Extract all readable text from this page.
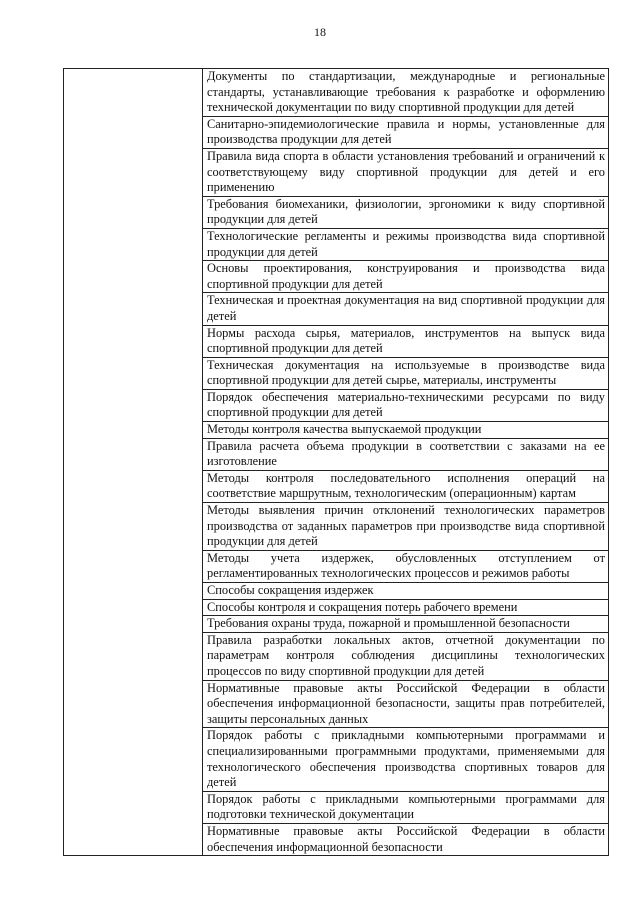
18

Документы по стандартизации, международные и региональные стандарты, устанавливающие требования к разработке и оформлению технической документации по виду спортивной продукции для детей

Санитарно-эпидемиологические правила и нормы, установленные для производства продукции для детей

Правила вида спорта в области установления требований и ограничений к соответствующему виду спортивной продукции для детей и его применению

Требования биомеханики, физиологии, эргономики к виду спортивной продукции для детей

Технологические регламенты и режимы производства вида спортивной продукции для детей

Основы проектирования, конструирования и производства вида спортивной продукции для детей

Техническая и проектная документация на вид спортивной продукции для детей

Нормы расхода сырья, материалов, инструментов на выпуск вида спортивной продукции для детей

Техническая документация на используемые в производстве вида спортивной продукции для детей сырье, материалы, инструменты

Порядок обеспечения материально-техническими ресурсами по виду спортивной продукции для детей

Методы контроля качества выпускаемой продукции

Правила расчета объема продукции в соответствии с заказами на ее изготовление

Методы контроля последовательного исполнения операций на соответствие маршрутным, технологическим (операционным) картам

Методы выявления причин отклонений технологических параметров производства от заданных параметров при производстве вида спортивной продукции для детей

Методы учета издержек, обусловленных отступлением от регламентированных технологических процессов и режимов работы

Способы сокращения издержек

Способы контроля и сокращения потерь рабочего времени

Требования охраны труда, пожарной и промышленной безопасности

Правила разработки локальных актов, отчетной документации по параметрам контроля соблюдения дисциплины технологических процессов по виду спортивной продукции для детей

Нормативные правовые акты Российской Федерации в области обеспечения информационной безопасности, защиты прав потребителей, защиты персональных данных

Порядок работы с прикладными компьютерными программами и специализированными программными продуктами, применяемыми для технологического обеспечения производства спортивных товаров для детей

Порядок работы с прикладными компьютерными программами для подготовки технической документации

Нормативные правовые акты Российской Федерации в области обеспечения информационной безопасности
